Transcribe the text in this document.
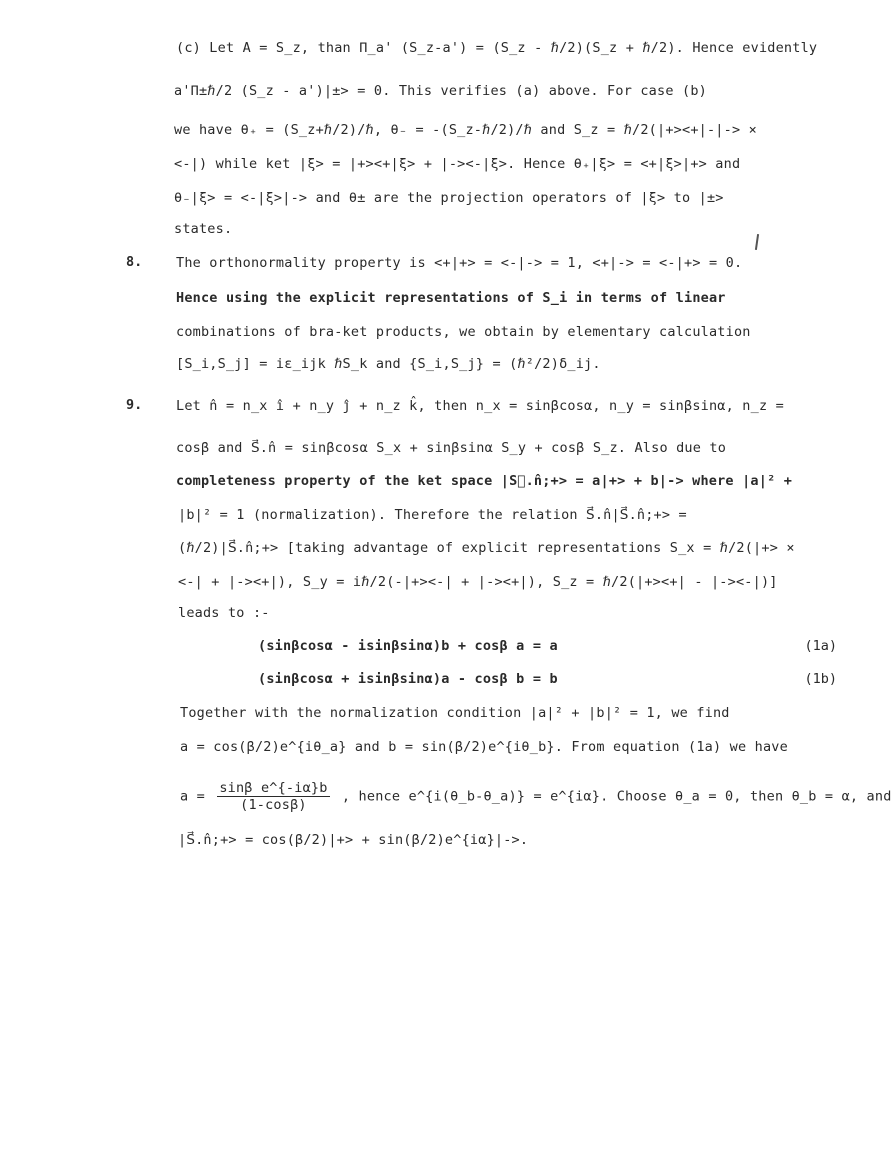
(c) Let A = S_z, than Π_a' (S_z-a') = (S_z - ℏ/2)(S_z + ℏ/2). Hence evidently
a'Π±ℏ/2 (S_z - a')|±> = 0. This verifies (a) above. For case (b)
we have θ₊ = (S_z+ℏ/2)/ℏ, θ₋ = -(S_z-ℏ/2)/ℏ and S_z = ℏ/2(|+><+|-|-> ×
<-|) while ket |ξ> = |+><+|ξ> + |-><-|ξ>. Hence θ₊|ξ> = <+|ξ>|+> and
θ₋|ξ> = <-|ξ>|-> and θ± are the projection operators of |ξ> to |±>
states.
8. The orthonormality property is <+|+> = <-|-> = 1, <+|-> = <-|+> = 0.
Hence using the explicit representations of S_i in terms of linear
combinations of bra-ket products, we obtain by elementary calculation
[S_i,S_j] = iε_ijk ℏS_k and {S_i,S_j} = (ℏ²/2)δ_ij.
9. Let n̂ = n_x î + n_y ĵ + n_z k̂, then n_x = sinβcosα, n_y = sinβsinα, n_z =
cosβ and S⃗.n̂ = sinβcosα S_x + sinβsinα S_y + cosβ S_z. Also due to
completeness property of the ket space |S⃗.n̂;+> = a|+> + b|-> where |a|² +
|b|² = 1 (normalization). Therefore the relation S⃗.n̂|S⃗.n̂;+> =
(ℏ/2)|S⃗.n̂;+> [taking advantage of explicit representations S_x = ℏ/2(|+> ×
<-| + |-><+|), S_y = iℏ/2(-|+><-| + |-><+|), S_z = ℏ/2(|+><+| - |-><-|)]
leads to :-
(sinβcosα - isinβsinα)b + cosβ a = a	(1a)
(sinβcosα + isinβsinα)a - cosβ b = b	(1b)
Together with the normalization condition |a|² + |b|² = 1, we find
a = cos(β/2)e^{iθ_a} and b = sin(β/2)e^{iθ_b}. From equation (1a) we have
$a = \frac{\text{sinβ e\textasciicircum{}\{-iα\}b}}{(1-\cos\beta)}$ , hence e^{i(θ_b-θ_a)} = e^{iα}. Choose θ_a = 0, then θ_b = α, and
|S⃗.n̂;+> = cos(β/2)|+> + sin(β/2)e^{iα}|->.
